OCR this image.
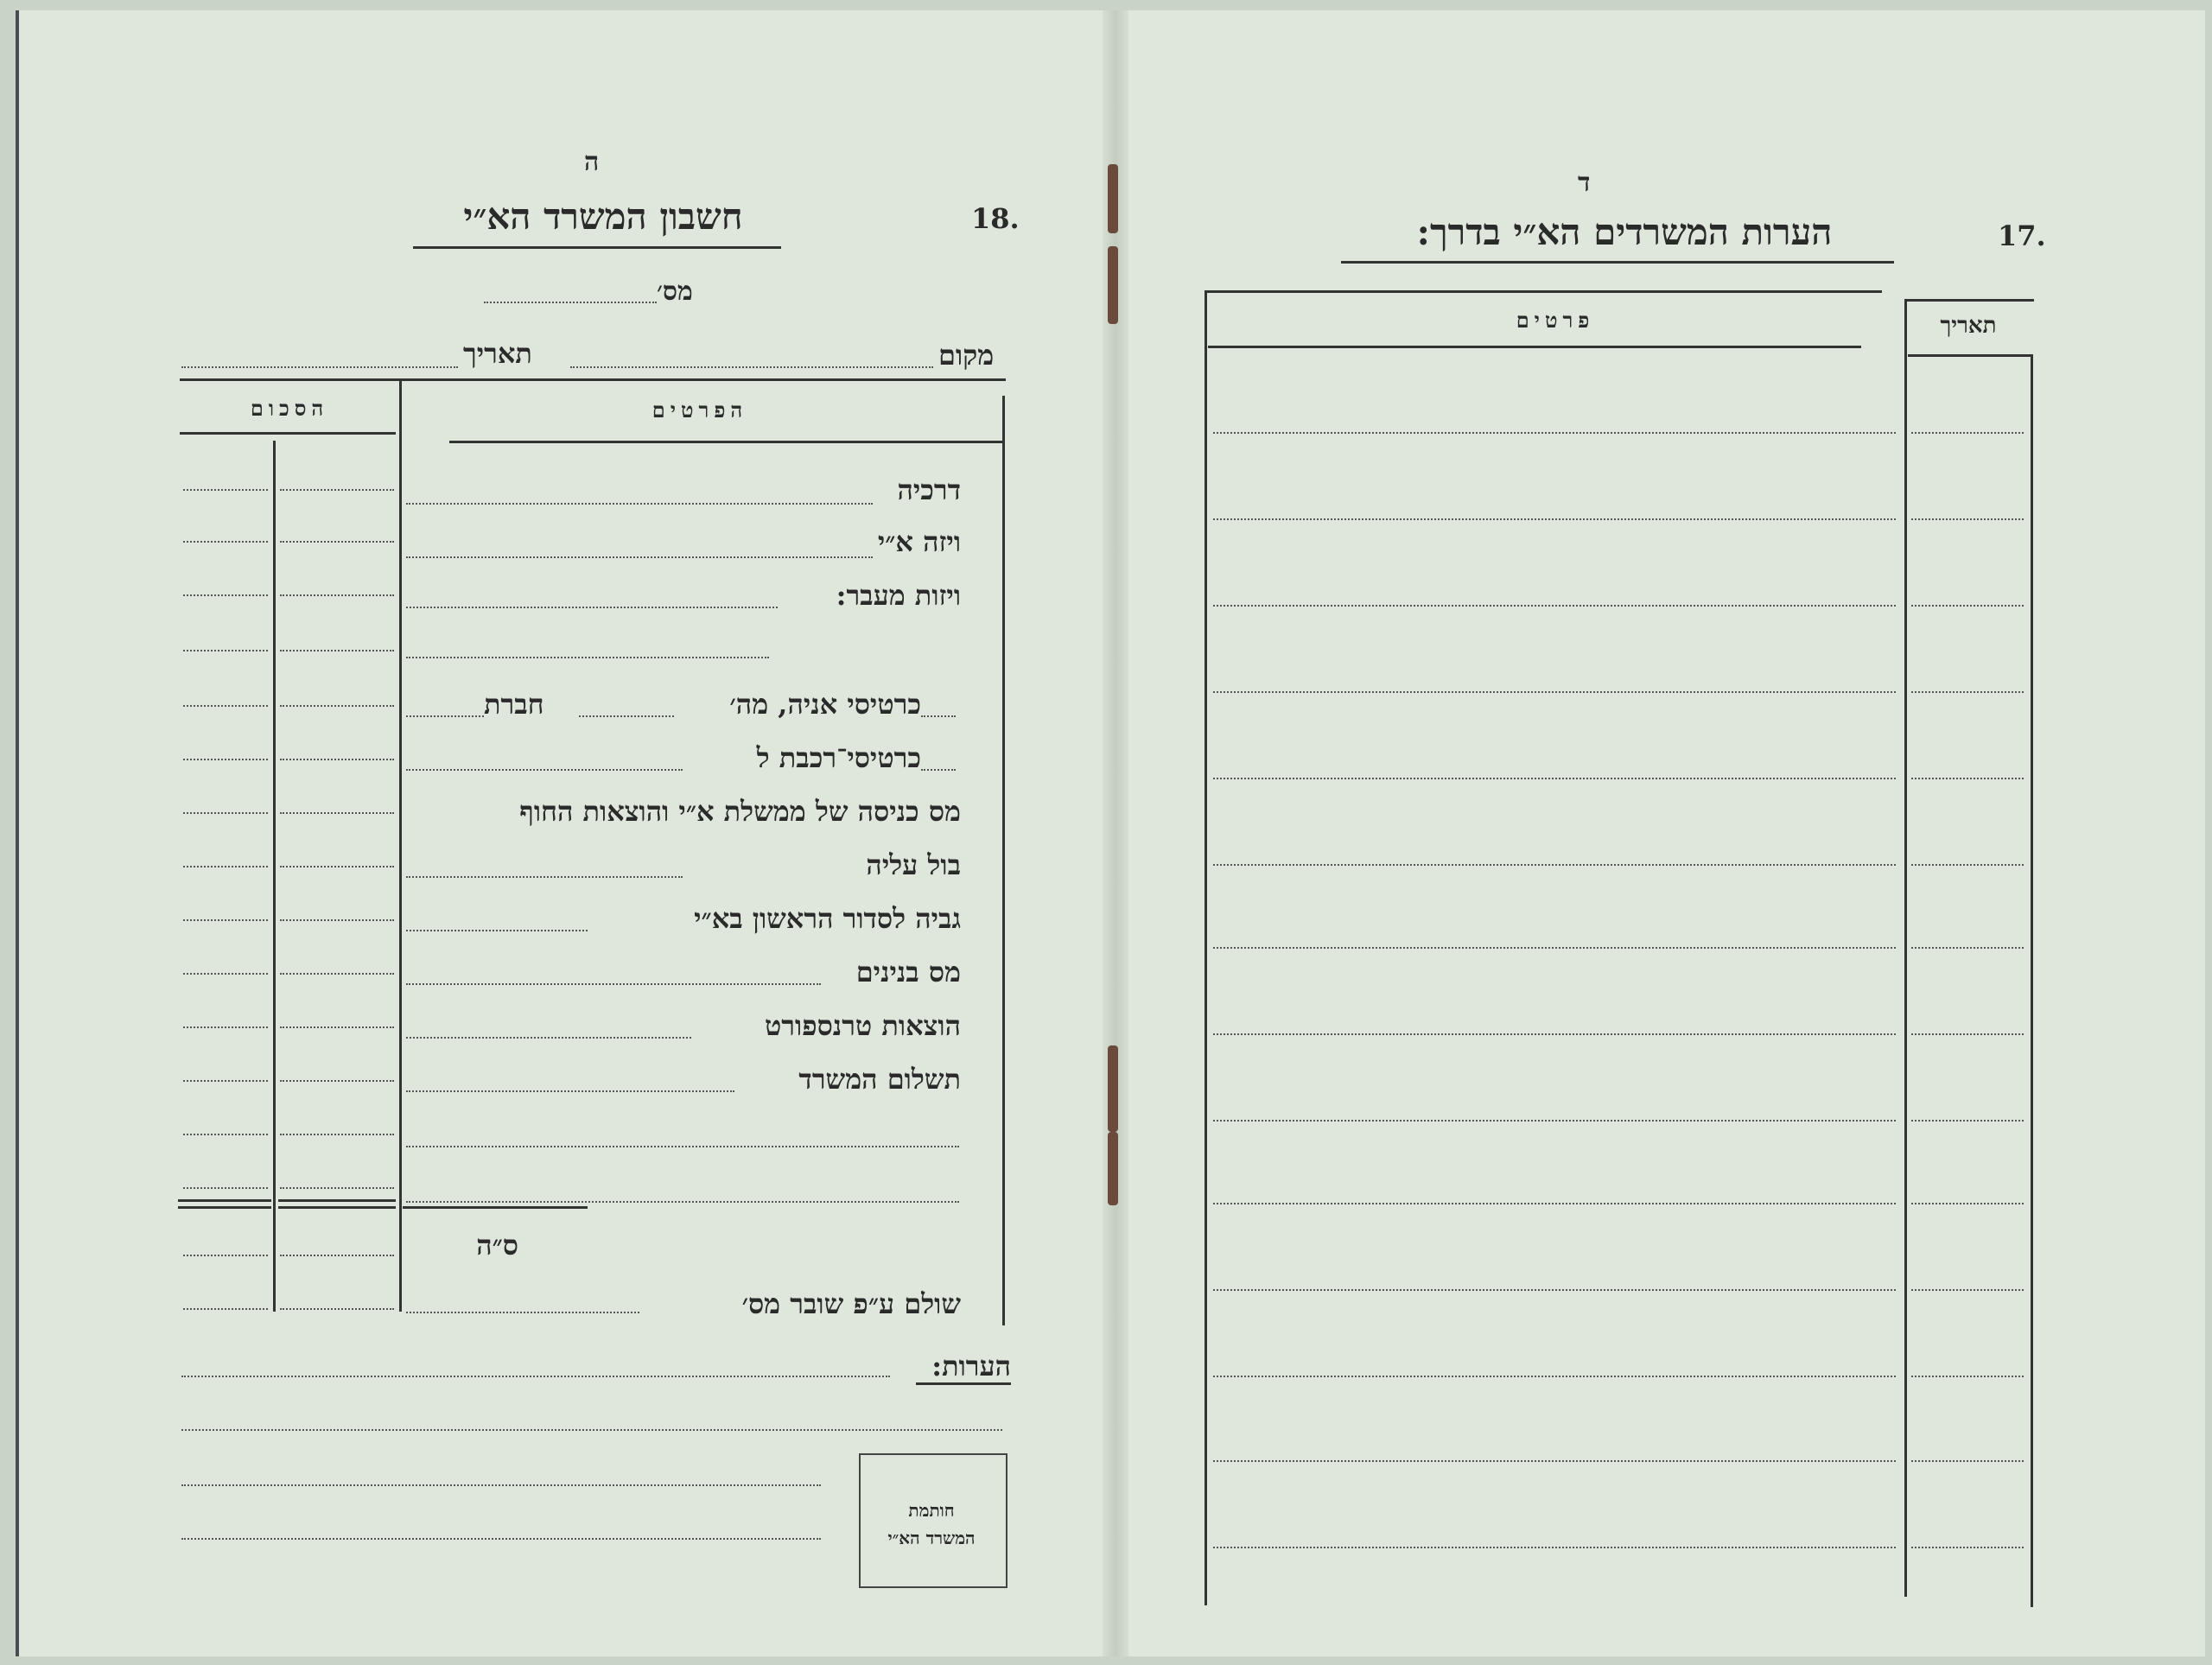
ה
18.
חשבון המשרד הא״י
מס׳
מקום
תאריך
הסכום	הפרטים
דרכיה
ויזה א״י
ויזות מעבר:
כרטיסי אניה, מה׳
חברת
כרטיסי־רכבת ל
מס כניסה של ממשלת א״י והוצאות החוף
בול עליה
גביה לסדור הראשון בא״י
מס בנינים
הוצאות טרנספורט
תשלום המשרד
ס״ה
שולם ע״פ שובר מס׳
הערות:
חותמת
המשרד הא״י
ד
17.
הערות המשרדים הא״י בדרך:
תאריך
פרטים
